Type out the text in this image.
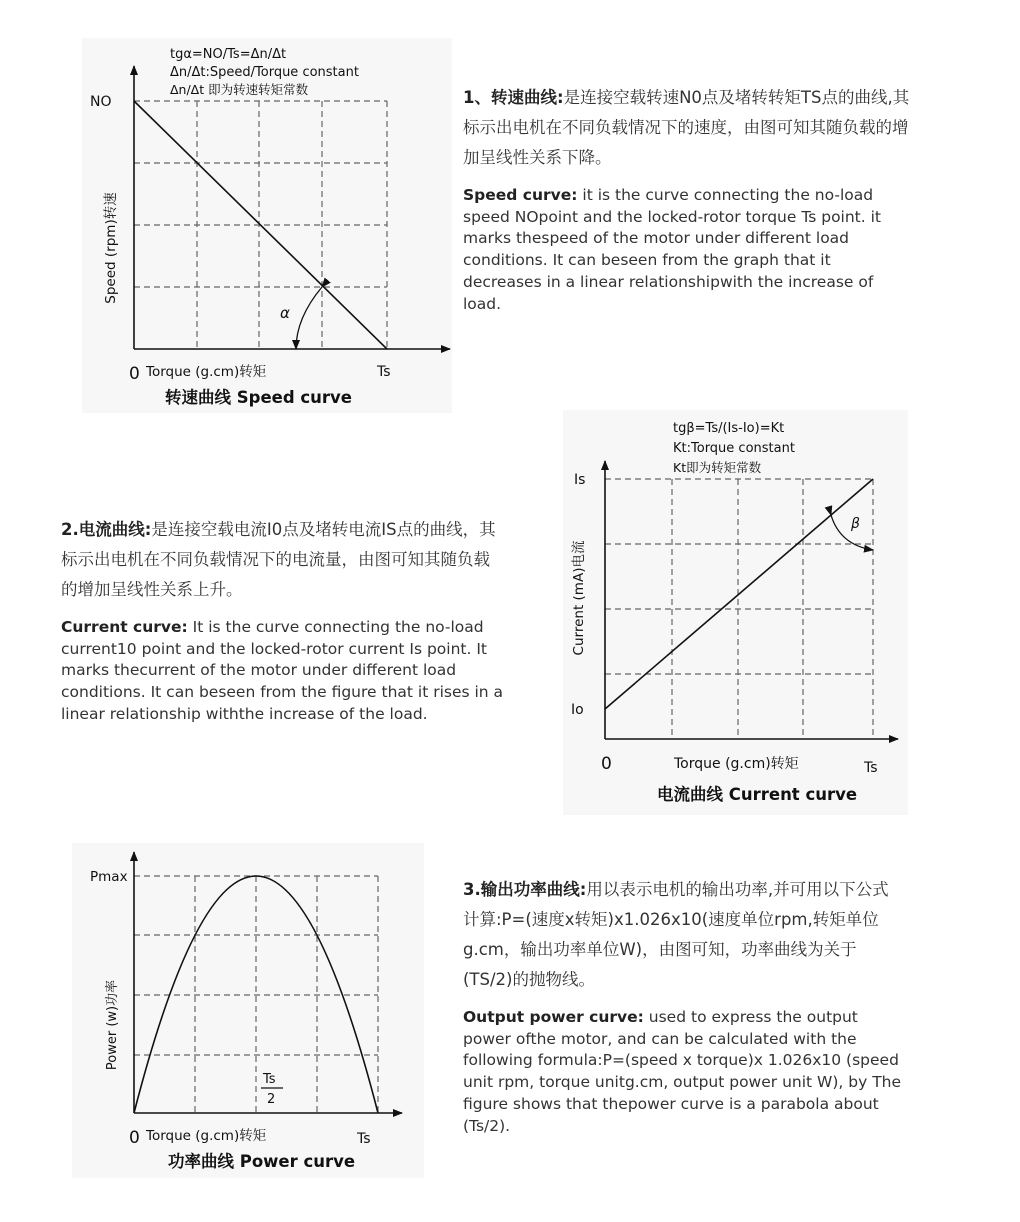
tgα=NO/Ts=Δn/Δt
Δn/Δt:Speed/Torque constant
Δn/Δt 即为转速转矩常数
NO
Speed (rpm)转速
0 Torque (g.cm)转矩	Ts
α
转速曲线 Speed curve

1、转速曲线:是连接空载转速N0点及堵转转矩TS点的曲线,其标示出电机在不同负载情况下的速度，由图可知其随负载的增加呈线性关系下降。

Speed curve: it is the curve connecting the no-load speed NOpoint and the locked-rotor torque Ts point. it marks thespeed of the motor under different load conditions. It can beseen from the graph that it decreases in a linear relationshipwith the increase of load.

tgβ=Ts/(Is-Io)=Kt
Kt:Torque constant
Kt即为转矩常数
Is
Io
Current (mA)电流
0	Torque (g.cm)转矩	Ts
β
电流曲线 Current curve

2.电流曲线:是连接空载电流I0点及堵转电流IS点的曲线，其标示出电机在不同负载情况下的电流量，由图可知其随负载的增加呈线性关系上升。

Current curve: It is the curve connecting the no-load current10 point and the locked-rotor current Is point. It marks thecurrent of the motor under different load conditions. It can beseen from the figure that it rises in a linear relationship withthe increase of the load.

Pmax
Power (w)功率
0 Torque (g.cm)转矩	Ts
Ts
2
功率曲线 Power curve

3.输出功率曲线:用以表示电机的输出功率,并可用以下公式计算:P=(速度x转矩)x1.026x10(速度单位rpm,转矩单位g.cm，输出功率单位W)，由图可知，功率曲线为关于(TS/2)的抛物线。

Output power curve: used to express the output power ofthe motor, and can be calculated with the following formula:P=(speed x torque)x 1.026x10 (speed unit rpm, torque unitg.cm, output power unit W), by The figure shows that thepower curve is a parabola about (Ts/2).
